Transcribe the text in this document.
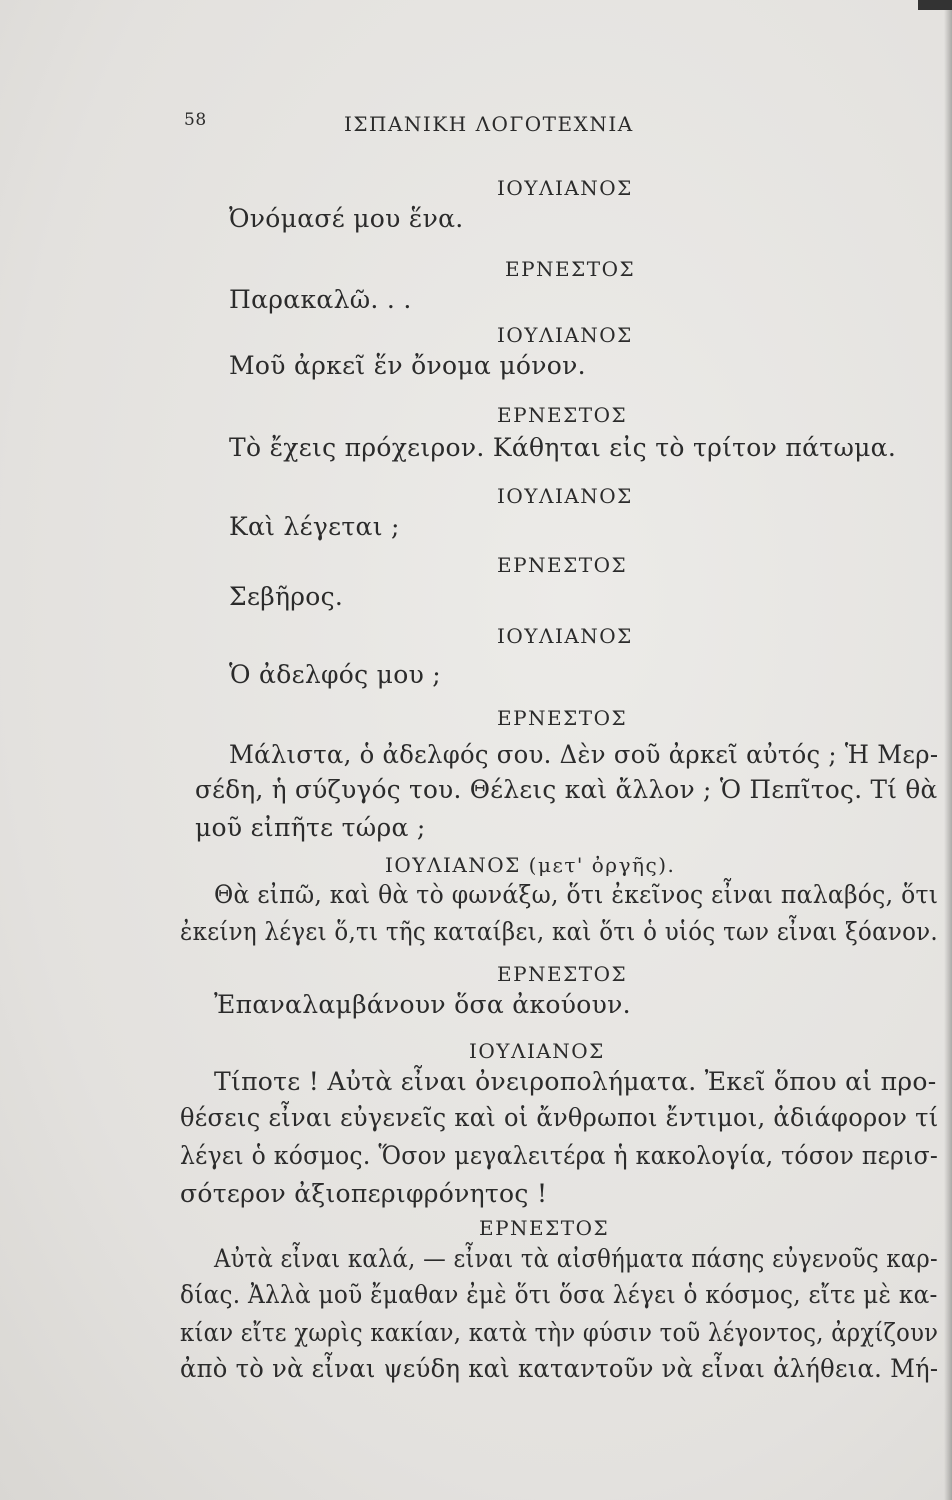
58	ΙΣΠΑΝΙΚΗ ΛΟΓΟΤΕΧΝΙΑ
ΙΟΥΛΙΑΝΟΣ
Ὀνόμασέ μου ἕνα.
ΕΡΝΕΣΤΟΣ
Παρακαλῶ. . .
ΙΟΥΛΙΑΝΟΣ
Μοῦ ἀρκεῖ ἕν ὄνομα μόνον.
ΕΡΝΕΣΤΟΣ
Τὸ ἔχεις πρόχειρον. Κάθηται εἰς τὸ τρίτον πάτωμα.
ΙΟΥΛΙΑΝΟΣ
Καὶ λέγεται ;
ΕΡΝΕΣΤΟΣ
Σεβῆρος.
ΙΟΥΛΙΑΝΟΣ
Ὁ ἀδελφός μου ;
ΕΡΝΕΣΤΟΣ
Μάλιστα, ὁ ἀδελφός σου. Δὲν σοῦ ἀρκεῖ αὐτός ; Ἡ Μερ-
σέδη, ἡ σύζυγός του. Θέλεις καὶ ἄλλον ; Ὁ Πεπῖτος. Τί θὰ
μοῦ εἰπῆτε τώρα ;
ΙΟΥΛΙΑΝΟΣ (μετ' ὀργῆς).
Θὰ εἰπῶ, καὶ θὰ τὸ φωνάξω, ὅτι ἐκεῖνος εἶναι παλαβός, ὅτι
ἐκείνη λέγει ὅ,τι τῆς καταίβει, καὶ ὅτι ὁ υἱός των εἶναι ξόανον.
ΕΡΝΕΣΤΟΣ
Ἐπαναλαμβάνουν ὅσα ἀκούουν.
ΙΟΥΛΙΑΝΟΣ
Τίποτε ! Αὐτὰ εἶναι ὀνειροπολήματα. Ἐκεῖ ὅπου αἱ προ-
θέσεις εἶναι εὐγενεῖς καὶ οἱ ἄνθρωποι ἔντιμοι, ἀδιάφορον τί
λέγει ὁ κόσμος. Ὅσον μεγαλειτέρα ἡ κακολογία, τόσον περισ-
σότερον ἀξιοπεριφρόνητος !
ΕΡΝΕΣΤΟΣ
Αὐτὰ εἶναι καλά, — εἶναι τὰ αἰσθήματα πάσης εὐγενοῦς καρ-
δίας. Ἀλλὰ μοῦ ἔμαθαν ἐμὲ ὅτι ὅσα λέγει ὁ κόσμος, εἴτε μὲ κα-
κίαν εἴτε χωρὶς κακίαν, κατὰ τὴν φύσιν τοῦ λέγοντος, ἀρχίζουν
ἀπὸ τὸ νὰ εἶναι ψεύδη καὶ καταντοῦν νὰ εἶναι ἀλήθεια. Μή-
